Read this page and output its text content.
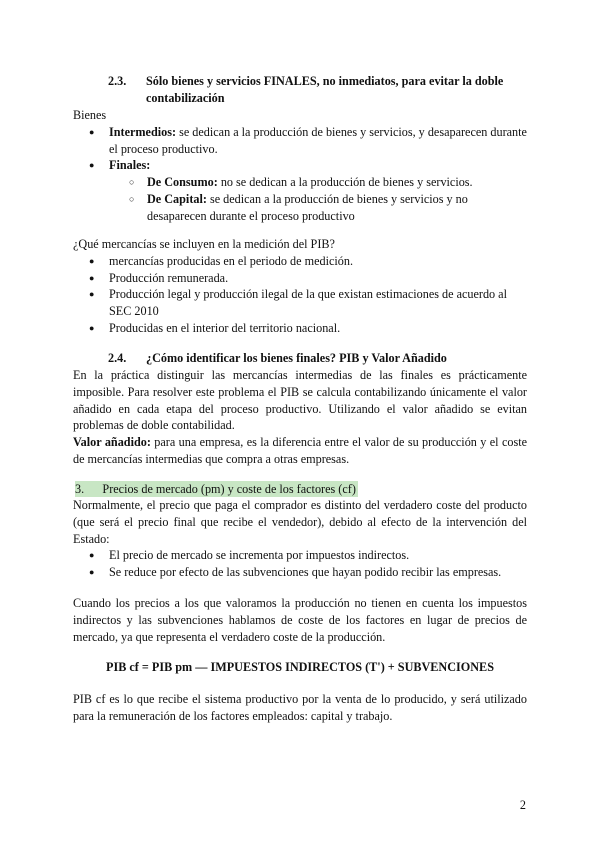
2.3. Sólo bienes y servicios FINALES, no inmediatos, para evitar la doble
contabilización
Bienes
● Intermedios: se dedican a la producción de bienes y servicios, y desaparecen durante el proceso productivo.
● Finales:
○ De Consumo: no se dedican a la producción de bienes y servicios.
○ De Capital: se dedican a la producción de bienes y servicios y no desaparecen durante el proceso productivo
¿Qué mercancías se incluyen en la medición del PIB?
● mercancías producidas en el periodo de medición.
● Producción remunerada.
● Producción legal y producción ilegal de la que existan estimaciones de acuerdo al SEC 2010
● Producidas en el interior del territorio nacional.
2.4. ¿Cómo identificar los bienes finales? PIB y Valor Añadido
En la práctica distinguir las mercancías intermedias de las finales es prácticamente imposible. Para resolver este problema el PIB se calcula contabilizando únicamente el valor añadido en cada etapa del proceso productivo. Utilizando el valor añadido se evitan problemas de doble contabilidad.
Valor añadido: para una empresa, es la diferencia entre el valor de su producción y el coste de mercancías intermedias que compra a otras empresas.
3. Precios de mercado (pm) y coste de los factores (cf)
Normalmente, el precio que paga el comprador es distinto del verdadero coste del producto (que será el precio final que recibe el vendedor), debido al efecto de la intervención del Estado:
● El precio de mercado se incrementa por impuestos indirectos.
● Se reduce por efecto de las subvenciones que hayan podido recibir las empresas.
Cuando los precios a los que valoramos la producción no tienen en cuenta los impuestos indirectos y las subvenciones hablamos de coste de los factores en lugar de precios de mercado, ya que representa el verdadero coste de la producción.
PIB cf = PIB pm — IMPUESTOS INDIRECTOS (T') + SUBVENCIONES
PIB cf es lo que recibe el sistema productivo por la venta de lo producido, y será utilizado para la remuneración de los factores empleados: capital y trabajo.
2
